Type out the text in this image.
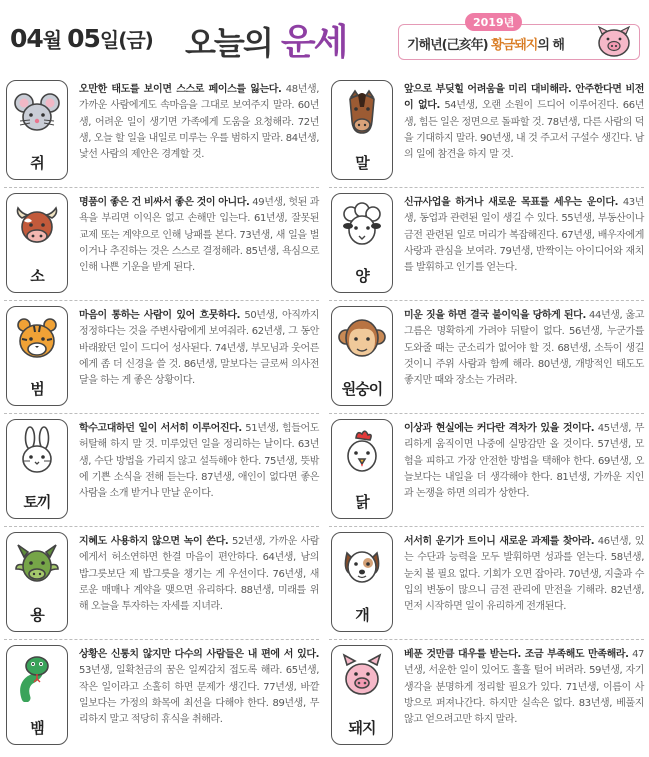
04월 05일(금) 오늘의 운세	2019년
기해년(己亥年) 황금돼지의 해
쥐

오만한 태도를 보이면 스스로 페이스를 잃는다. 48년생, 가까운 사람에게도 속마음을 그대로 보여주지 말라. 60년생, 어려운 일이 생기면 가족에게 도움을 요청해라. 72년생, 오늘 할 일을 내일로 미루는 우를 범하지 말라. 84년생, 낯선 사람의 제안은 경계할 것.	말

앞으로 부딪힐 어려움을 미리 대비해라. 안주한다면 비전이 없다. 54년생, 오랜 소원이 드디어 이루어진다. 66년생, 힘든 일은 정면으로 돌파할 것. 78년생, 다른 사람의 덕을 기대하지 말라. 90년생, 내 것 주고서 구설수 생긴다. 남의 일에 참견을 하지 말 것.

소

명품이 좋은 건 비싸서 좋은 것이 아니다. 49년생, 헛된 과욕을 부리면 이익은 없고 손해만 입는다. 61년생, 잘못된 교제 또는 계약으로 인해 낭패를 본다. 73년생, 새 일을 벌이거나 추진하는 것은 스스로 결정해라. 85년생, 욕심으로 인해 나쁜 기운을 받게 된다.	양

신규사업을 하거나 새로운 목표를 세우는 운이다. 43년생, 동업과 관련된 일이 생길 수 있다. 55년생, 부동산이나 금전 관련된 일로 머리가 복잡해진다. 67년생, 배우자에게 사랑과 관심을 보여라. 79년생, 반짝이는 아이디어와 재치를 발휘하고 인기를 얻는다.

범

마음이 통하는 사람이 있어 흐뭇하다. 50년생, 아직까지 정정하다는 것을 주변사람에게 보여줘라. 62년생, 그 동안 바래왔던 일이 드디어 성사된다. 74년생, 부모님과 웃어른에게 좀 더 신경을 쓸 것. 86년생, 말보다는 글로써 의사전달을 하는 게 좋은 상황이다.	원숭이

미운 짓을 하면 결국 불이익을 당하게 된다. 44년생, 옳고 그름은 명확하게 가려야 뒤탈이 없다. 56년생, 누군가를 도와줄 때는 군소리가 없어야 할 것. 68년생, 소득이 생길 것이니 주위 사람과 함께 해라. 80년생, 개방적인 태도도 좋지만 때와 장소는 가려라.

토끼

학수고대하던 일이 서서히 이루어진다. 51년생, 힘들어도 허탈해 하지 말 것. 미루었던 일을 정리하는 날이다. 63년생, 수단 방법을 가리지 않고 설득해야 한다. 75년생, 뜻밖에 기쁜 소식을 전해 듣는다. 87년생, 애인이 없다면 좋은 사람을 소개 받거나 만날 운이다.	닭

이상과 현실에는 커다란 격차가 있을 것이다. 45년생, 무리하게 움직이면 나중에 실망감만 올 것이다. 57년생, 모험을 피하고 가장 안전한 방법을 택해야 한다. 69년생, 오늘보다는 내일을 더 생각해야 한다. 81년생, 가까운 지인과 논쟁을 하면 의리가 상한다.

용

지혜도 사용하지 않으면 녹이 쓴다. 52년생, 가까운 사람에게서 허소연하면 한결 마음이 편안하다. 64년생, 남의 밥그릇보단 제 밥그릇을 챙기는 게 우선이다. 76년생, 새로운 매매나 계약을 맺으면 유리하다. 88년생, 미래를 위해 오늘을 투자하는 자세를 지녀라.	개

서서히 운기가 트이니 새로운 과제를 찾아라. 46년생, 있는 수단과 능력을 모두 발휘하면 성과를 얻는다. 58년생, 눈치 볼 필요 없다. 기회가 오면 잡아라. 70년생, 지출과 수입의 변동이 많으니 금전 관리에 만전을 기해라. 82년생, 먼저 시작하면 일이 유리하게 전개된다.

뱀

상황은 신통치 않지만 다수의 사람들은 내 편에 서 있다. 53년생, 일확천금의 꿈은 일찌감치 접도록 해라. 65년생, 작은 일이라고 소홀히 하면 문제가 생긴다. 77년생, 바깥 일보다는 가정의 화목에 최선을 다해야 한다. 89년생, 무리하지 말고 적당히 휴식을 취해라.	돼지

베푼 것만큼 대우를 받는다. 조금 부족해도 만족해라. 47년생, 서운한 일이 있어도 훌훌 털어 버려라. 59년생, 자기 생각을 분명하게 정리할 필요가 있다. 71년생, 이름이 사방으로 퍼져나간다. 하지만 실속은 없다. 83년생, 베풀지 않고 얻으려고만 하지 말라.
